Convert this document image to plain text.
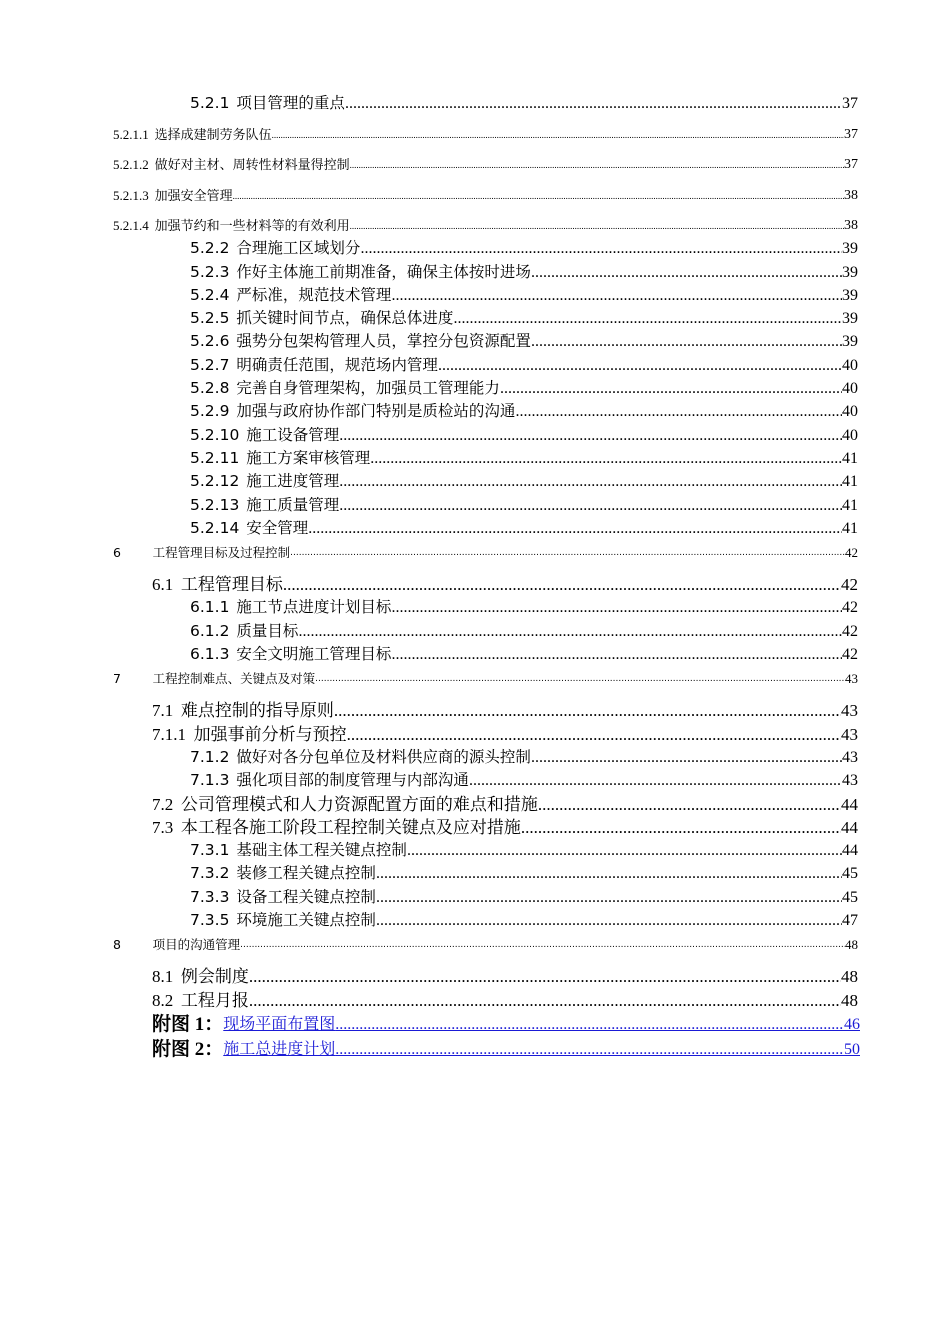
5.2.1 项目管理的重点 .....	37
5.2.1.1 选择成建制劳务队伍 .....	37
5.2.1.2 做好对主材、周转性材料量得控制 .....	37
5.2.1.3 加强安全管理 .....	38
5.2.1.4 加强节约和一些材料等的有效利用 .....	38
5.2.2 合理施工区域划分 .....	39
5.2.3 作好主体施工前期准备，确保主体按时进场 .....	39
5.2.4 严标准，规范技术管理 .....	39
5.2.5 抓关键时间节点，确保总体进度 .....	39
5.2.6 强势分包架构管理人员，掌控分包资源配置 .....	39
5.2.7 明确责任范围，规范场内管理 .....	40
5.2.8 完善自身管理架构，加强员工管理能力 .....	40
5.2.9 加强与政府协作部门特别是质检站的沟通 .....	40
5.2.10 施工设备管理 .....	40
5.2.11 施工方案审核管理 .....	41
5.2.12 施工进度管理 .....	41
5.2.13 施工质量管理 .....	41
5.2.14 安全管理 .....	41
6	工程管理目标及过程控制 .....	42
6.1 工程管理目标 .....	42
6.1.1 施工节点进度计划目标 .....	42
6.1.2 质量目标 .....	42
6.1.3 安全文明施工管理目标 .....	42
7	工程控制难点、关键点及对策 .....	43
7.1 难点控制的指导原则 .....	43
7.1.1 加强事前分析与预控 .....	43
7.1.2 做好对各分包单位及材料供应商的源头控制 .....	43
7.1.3 强化项目部的制度管理与内部沟通 .....	43
7.2 公司管理模式和人力资源配置方面的难点和措施 .....	44
7.3 本工程各施工阶段工程控制关键点及应对措施 .....	44
7.3.1 基础主体工程关键点控制 .....	44
7.3.2 装修工程关键点控制 .....	45
7.3.3 设备工程关键点控制 .....	45
7.3.5 环境施工关键点控制 .....	47
8	项目的沟通管理 .....	48
8.1 例会制度 .....	48
8.2 工程月报 .....	48
附图 1： 现场平面布置图 .....	46
附图 2： 施工总进度计划 .....	50
